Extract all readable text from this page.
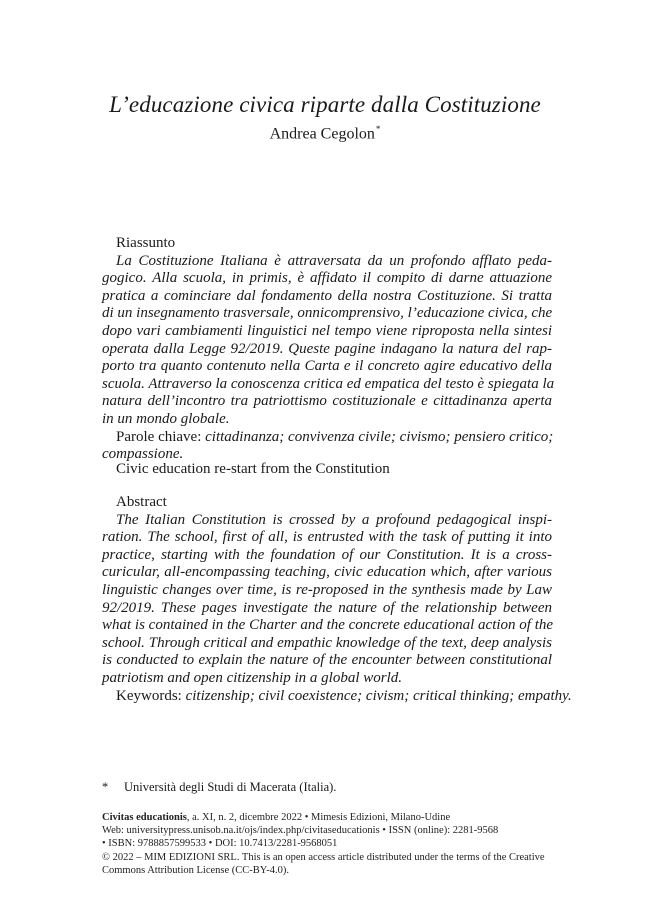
L’educazione civica riparte dalla Costituzione
Andrea Cegolon*
Riassunto
La Costituzione Italiana è attraversata da un profondo afflato peda-
gogico. Alla scuola, in primis, è affidato il compito di darne attuazione
pratica a cominciare dal fondamento della nostra Costituzione. Si tratta
di un insegnamento trasversale, onnicomprensivo, l’educazione civica, che
dopo vari cambiamenti linguistici nel tempo viene riproposta nella sintesi
operata dalla Legge 92/2019. Queste pagine indagano la natura del rap-
porto tra quanto contenuto nella Carta e il concreto agire educativo della
scuola. Attraverso la conoscenza critica ed empatica del testo è spiegata la
natura dell’incontro tra patriottismo costituzionale e cittadinanza aperta
in un mondo globale.
Parole chiave: cittadinanza; convivenza civile; civismo; pensiero critico;
compassione.
Civic education re-start from the Constitution
Abstract
The Italian Constitution is crossed by a profound pedagogical inspi-
ration. The school, first of all, is entrusted with the task of putting it into
practice, starting with the foundation of our Constitution. It is a cross-
curicular, all-encompassing teaching, civic education which, after various
linguistic changes over time, is re-proposed in the synthesis made by Law
92/2019. These pages investigate the nature of the relationship between
what is contained in the Charter and the concrete educational action of the
school. Through critical and empathic knowledge of the text, deep analysis
is conducted to explain the nature of the encounter between constitutional
patriotism and open citizenship in a global world.
Keywords: citizenship; civil coexistence; civism; critical thinking; empathy.
* Università degli Studi di Macerata (Italia).
Civitas educationis, a. XI, n. 2, dicembre 2022 • Mimesis Edizioni, Milano-Udine
Web: universitypress.unisob.na.it/ojs/index.php/civitaseducationis • ISSN (online): 2281-9568
• ISBN: 9788857599533 • DOI: 10.7413/2281-9568051
© 2022 – MIM EDIZIONI SRL. This is an open access article distributed under the terms of the Creative
Commons Attribution License (CC-BY-4.0).
